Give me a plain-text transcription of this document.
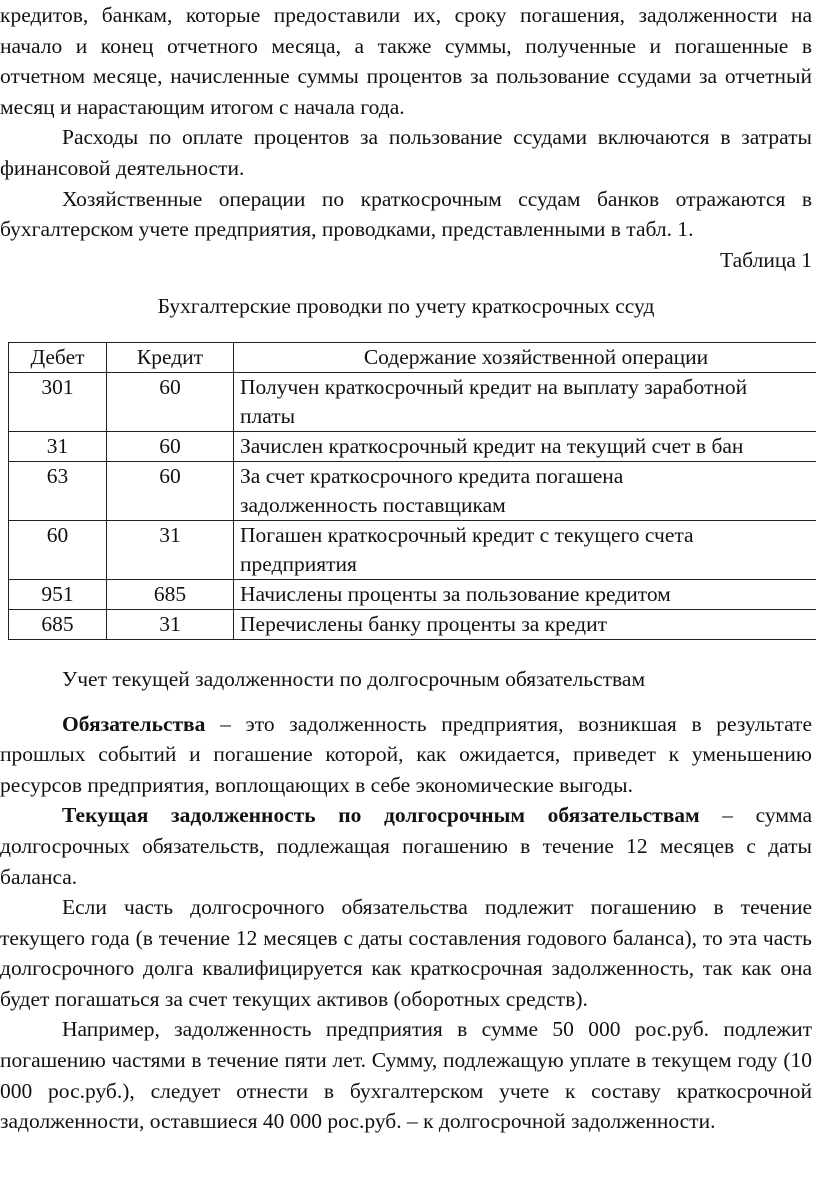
кредитов, банкам, которые предоставили их, сроку погашения, задолженности на начало и конец отчетного месяца, а также суммы, полученные и погашенные в отчетном месяце, начисленные суммы процентов за пользование ссудами за отчетный месяц и нарастающим итогом с начала года.

Расходы по оплате процентов за пользование ссудами включаются в затраты финансовой деятельности.

Хозяйственные операции по краткосрочным ссудам банков отражаются в бухгалтерском учете предприятия, проводками, представленными в табл. 1.

Таблица 1

Бухгалтерские проводки по учету краткосрочных ссуд

Дебет	Кредит	Содержание хозяйственной операции
301	60	Получен краткосрочный кредит на выплату заработной
платы

31	60	Зачислен краткосрочный кредит на текущий счет в бан

63	60	За счет краткосрочного кредита погашена
задолженность поставщикам

60	31	Погашен краткосрочный кредит с текущего счета
предприятия

951	685	Начислены проценты за пользование кредитом

685	31	Перечислены банку проценты за кредит

Учет текущей задолженности по долгосрочным обязательствам

Обязательства – это задолженность предприятия, возникшая в результате прошлых событий и погашение которой, как ожидается, приведет к уменьшению ресурсов предприятия, воплощающих в себе экономические выгоды.

Текущая задолженность по долгосрочным обязательствам – сумма долгосрочных обязательств, подлежащая погашению в течение 12 месяцев с даты баланса.

Если часть долгосрочного обязательства подлежит погашению в течение текущего года (в течение 12 месяцев с даты составления годового баланса), то эта часть долгосрочного долга квалифицируется как краткосрочная задолженность, так как она будет погашаться за счет текущих активов (оборотных средств).

Например, задолженность предприятия в сумме 50 000 рос.руб. подлежит погашению частями в течение пяти лет. Сумму, подлежащую уплате в текущем году (10 000 рос.руб.), следует отнести в бухгалтерском учете к составу краткосрочной задолженности, оставшиеся 40 000 рос.руб. – к долгосрочной задолженности.
